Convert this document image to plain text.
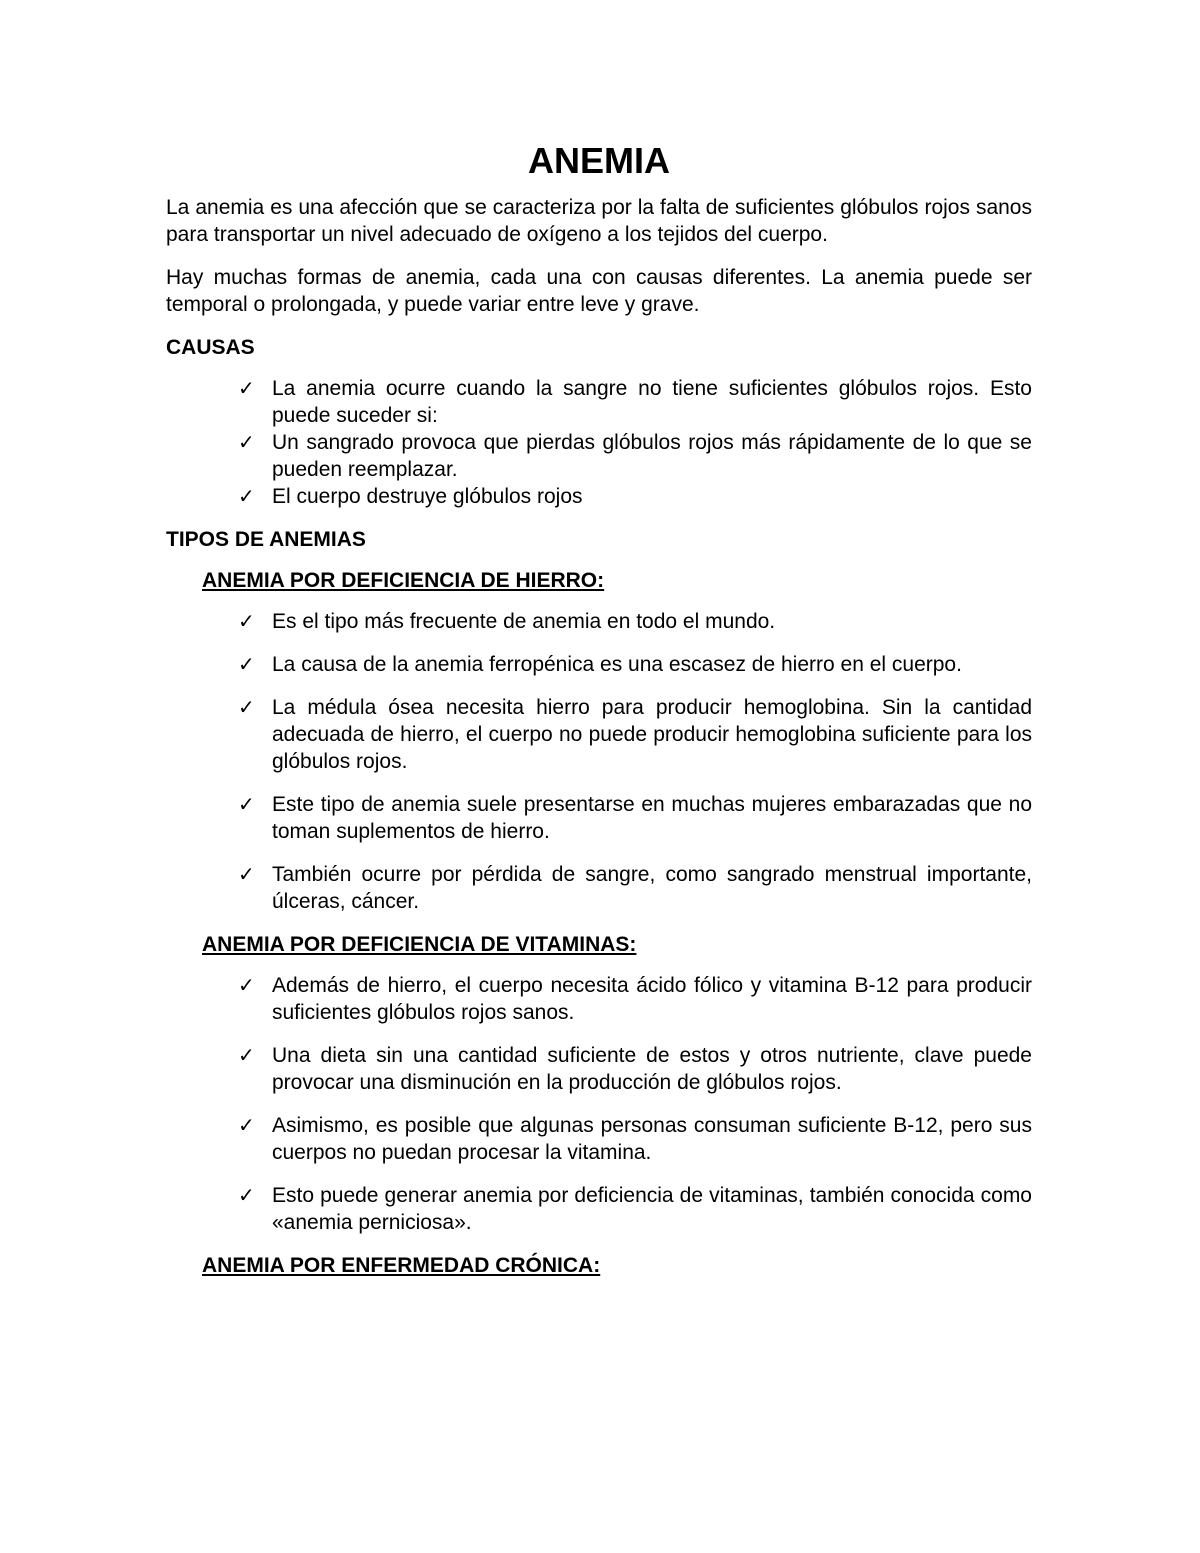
ANEMIA

La anemia es una afección que se caracteriza por la falta de suficientes glóbulos rojos sanos para transportar un nivel adecuado de oxígeno a los tejidos del cuerpo.

Hay muchas formas de anemia, cada una con causas diferentes. La anemia puede ser temporal o prolongada, y puede variar entre leve y grave.

CAUSAS
✓ La anemia ocurre cuando la sangre no tiene suficientes glóbulos rojos. Esto puede suceder si:
✓ Un sangrado provoca que pierdas glóbulos rojos más rápidamente de lo que se pueden reemplazar.
✓ El cuerpo destruye glóbulos rojos
TIPOS DE ANEMIAS
ANEMIA POR DEFICIENCIA DE HIERRO:
✓ Es el tipo más frecuente de anemia en todo el mundo.
✓ La causa de la anemia ferropénica es una escasez de hierro en el cuerpo.
✓ La médula ósea necesita hierro para producir hemoglobina. Sin la cantidad adecuada de hierro, el cuerpo no puede producir hemoglobina suficiente para los glóbulos rojos.
✓ Este tipo de anemia suele presentarse en muchas mujeres embarazadas que no toman suplementos de hierro.
✓ También ocurre por pérdida de sangre, como sangrado menstrual importante, úlceras, cáncer.
ANEMIA POR DEFICIENCIA DE VITAMINAS:
✓ Además de hierro, el cuerpo necesita ácido fólico y vitamina B-12 para producir suficientes glóbulos rojos sanos.
✓ Una dieta sin una cantidad suficiente de estos y otros nutriente, clave puede provocar una disminución en la producción de glóbulos rojos.
✓ Asimismo, es posible que algunas personas consuman suficiente B-12, pero sus cuerpos no puedan procesar la vitamina.
✓ Esto puede generar anemia por deficiencia de vitaminas, también conocida como «anemia perniciosa».
ANEMIA POR ENFERMEDAD CRÓNICA:
